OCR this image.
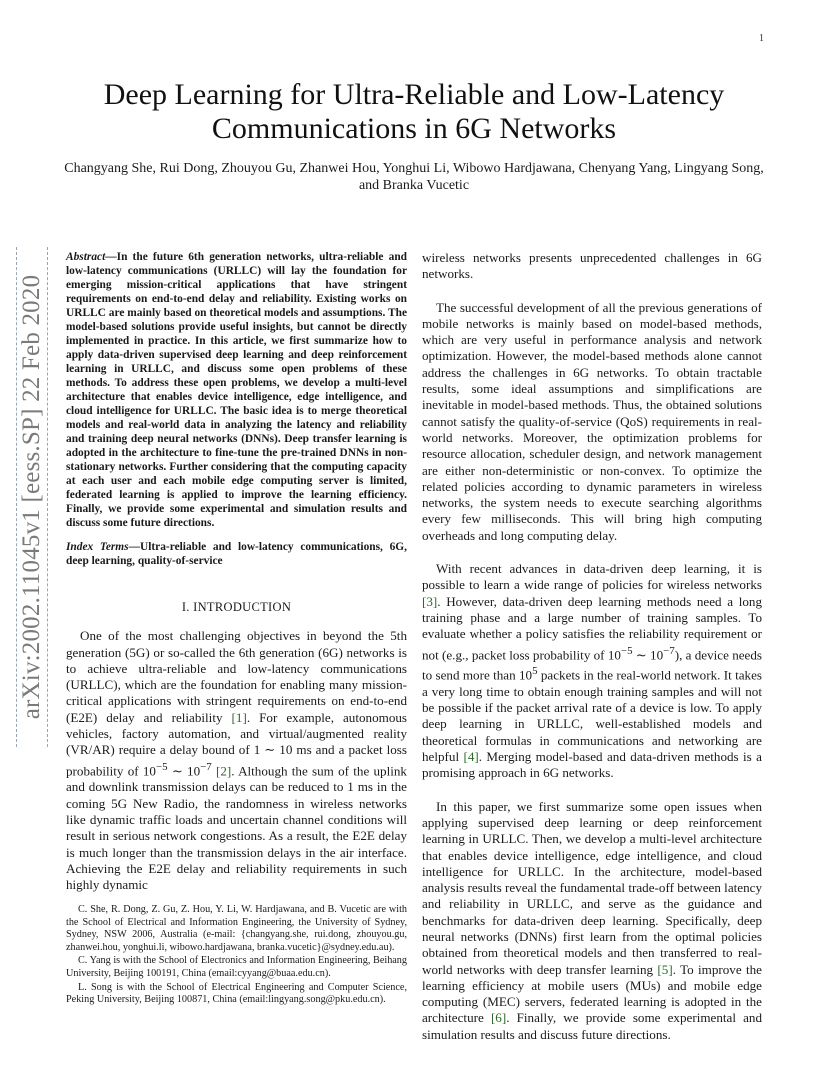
1
Deep Learning for Ultra-Reliable and Low-Latency Communications in 6G Networks
Changyang She, Rui Dong, Zhouyou Gu, Zhanwei Hou, Yonghui Li, Wibowo Hardjawana, Chenyang Yang, Lingyang Song, and Branka Vucetic
arXiv:2002.11045v1 [eess.SP] 22 Feb 2020

Abstract—In the future 6th generation networks, ultra-reliable and low-latency communications (URLLC) will lay the foundation for emerging mission-critical applications that have stringent requirements on end-to-end delay and reliability. Existing works on URLLC are mainly based on theoretical models and assumptions. The model-based solutions provide useful insights, but cannot be directly implemented in practice. In this article, we first summarize how to apply data-driven supervised deep learning and deep reinforcement learning in URLLC, and discuss some open problems of these methods. To address these open problems, we develop a multi-level architecture that enables device intelligence, edge intelligence, and cloud intelligence for URLLC. The basic idea is to merge theoretical models and real-world data in analyzing the latency and reliability and training deep neural networks (DNNs). Deep transfer learning is adopted in the architecture to fine-tune the pre-trained DNNs in non-stationary networks. Further considering that the computing capacity at each user and each mobile edge computing server is limited, federated learning is applied to improve the learning efficiency. Finally, we provide some experimental and simulation results and discuss some future directions.

Index Terms—Ultra-reliable and low-latency communications, 6G, deep learning, quality-of-service

I. INTRODUCTION

One of the most challenging objectives in beyond the 5th generation (5G) or so-called the 6th generation (6G) networks is to achieve ultra-reliable and low-latency communications (URLLC), which are the foundation for enabling many mission-critical applications with stringent requirements on end-to-end (E2E) delay and reliability [1]. For example, autonomous vehicles, factory automation, and virtual/augmented reality (VR/AR) require a delay bound of 1 ∼ 10 ms and a packet loss probability of $10^{-5}$ ∼ $10^{-7}$ [2]. Although the sum of the uplink and downlink transmission delays can be reduced to 1 ms in the coming 5G New Radio, the randomness in wireless networks like dynamic traffic loads and uncertain channel conditions will result in serious network congestions. As a result, the E2E delay is much longer than the transmission delays in the air interface. Achieving the E2E delay and reliability requirements in such highly dynamic

C. She, R. Dong, Z. Gu, Z. Hou, Y. Li, W. Hardjawana, and B. Vucetic are with the School of Electrical and Information Engineering, the University of Sydney, Sydney, NSW 2006, Australia (e-mail: {changyang.she, rui.dong, zhouyou.gu, zhanwei.hou, yonghui.li, wibowo.hardjawana, branka.vucetic}@sydney.edu.au).

C. Yang is with the School of Electronics and Information Engineering, Beihang University, Beijing 100191, China (email:cyyang@buaa.edu.cn).

L. Song is with the School of Electrical Engineering and Computer Science, Peking University, Beijing 100871, China (email:lingyang.song@pku.edu.cn).

wireless networks presents unprecedented challenges in 6G networks.

The successful development of all the previous generations of mobile networks is mainly based on model-based methods, which are very useful in performance analysis and network optimization. However, the model-based methods alone cannot address the challenges in 6G networks. To obtain tractable results, some ideal assumptions and simplifications are inevitable in model-based methods. Thus, the obtained solutions cannot satisfy the quality-of-service (QoS) requirements in real-world networks. Moreover, the optimization problems for resource allocation, scheduler design, and network management are either non-deterministic or non-convex. To optimize the related policies according to dynamic parameters in wireless networks, the system needs to execute searching algorithms every few milliseconds. This will bring high computing overheads and long computing delay.

With recent advances in data-driven deep learning, it is possible to learn a wide range of policies for wireless networks [3]. However, data-driven deep learning methods need a long training phase and a large number of training samples. To evaluate whether a policy satisfies the reliability requirement or not (e.g., packet loss probability of $10^{-5}$ ∼ $10^{-7}$), a device needs to send more than $10^5$ packets in the real-world network. It takes a very long time to obtain enough training samples and will not be possible if the packet arrival rate of a device is low. To apply deep learning in URLLC, well-established models and theoretical formulas in communications and networking are helpful [4]. Merging model-based and data-driven methods is a promising approach in 6G networks.

In this paper, we first summarize some open issues when applying supervised deep learning or deep reinforcement learning in URLLC. Then, we develop a multi-level architecture that enables device intelligence, edge intelligence, and cloud intelligence for URLLC. In the architecture, model-based analysis results reveal the fundamental trade-off between latency and reliability in URLLC, and serve as the guidance and benchmarks for data-driven deep learning. Specifically, deep neural networks (DNNs) first learn from the optimal policies obtained from theoretical models and then transferred to real-world networks with deep transfer learning [5]. To improve the learning efficiency at mobile users (MUs) and mobile edge computing (MEC) servers, federated learning is adopted in the architecture [6]. Finally, we provide some experimental and simulation results and discuss future directions.
